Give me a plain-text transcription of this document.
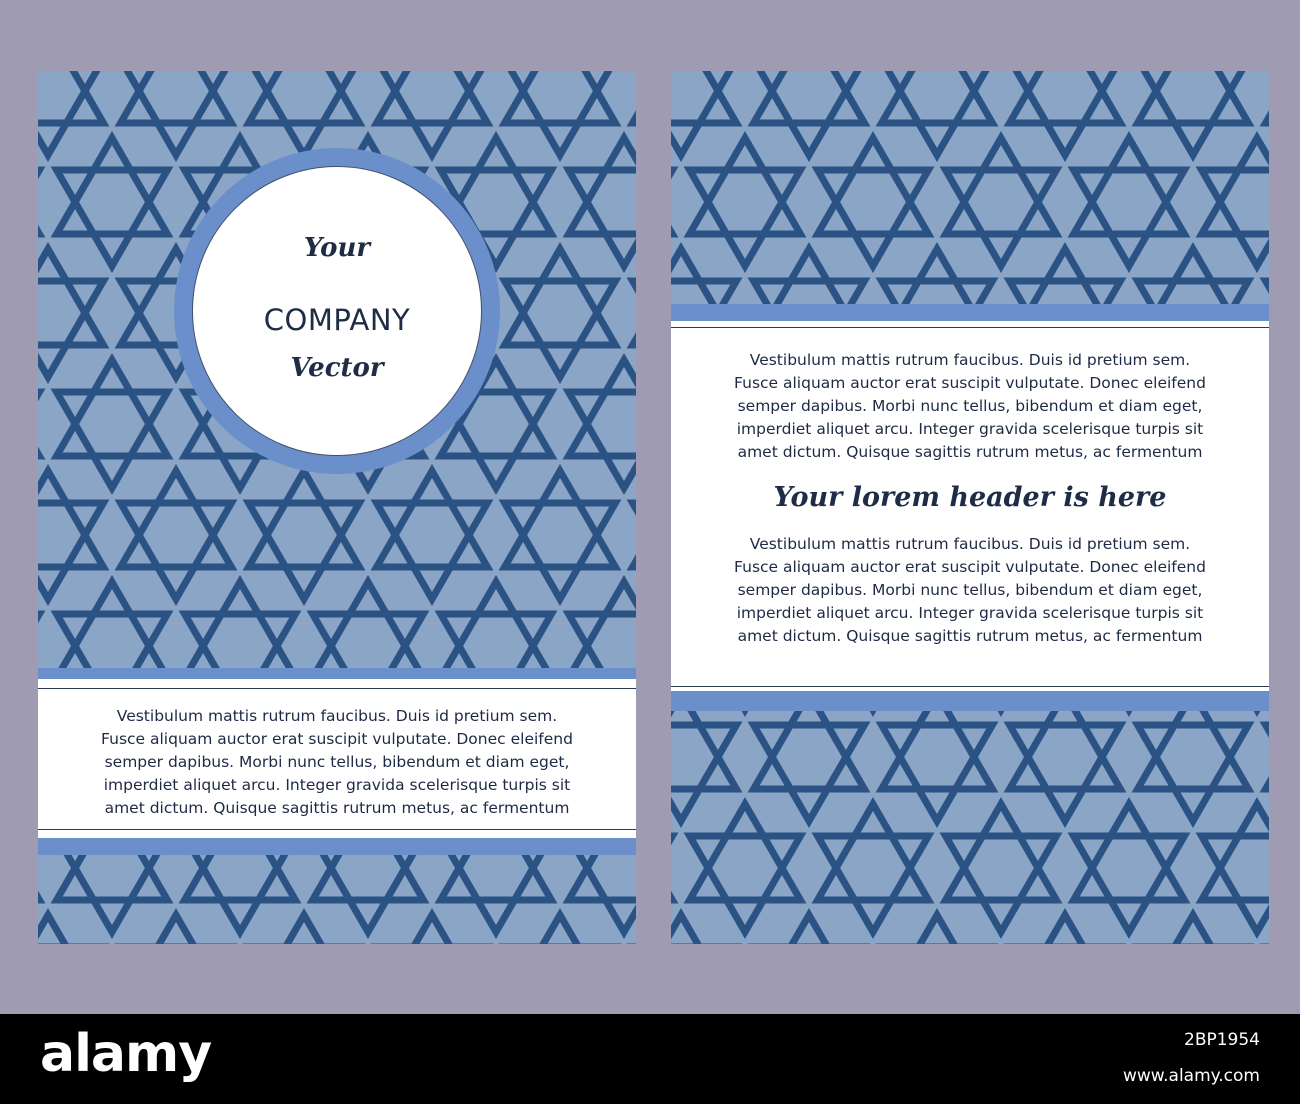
Your
COMPANY
Vector
Vestibulum mattis rutrum faucibus. Duis id pretium sem.
Fusce aliquam auctor erat suscipit vulputate. Donec eleifend
semper dapibus. Morbi nunc tellus, bibendum et diam eget,
imperdiet aliquet arcu. Integer gravida scelerisque turpis sit
amet dictum. Quisque sagittis rutrum metus, ac fermentum
Vestibulum mattis rutrum faucibus. Duis id pretium sem.
Fusce aliquam auctor erat suscipit vulputate. Donec eleifend
semper dapibus. Morbi nunc tellus, bibendum et diam eget,
imperdiet aliquet arcu. Integer gravida scelerisque turpis sit
amet dictum. Quisque sagittis rutrum metus, ac fermentum
Your lorem header is here
Vestibulum mattis rutrum faucibus. Duis id pretium sem.
Fusce aliquam auctor erat suscipit vulputate. Donec eleifend
semper dapibus. Morbi nunc tellus, bibendum et diam eget,
imperdiet aliquet arcu. Integer gravida scelerisque turpis sit
amet dictum. Quisque sagittis rutrum metus, ac fermentum
alamy	2BP1954
www.alamy.com
